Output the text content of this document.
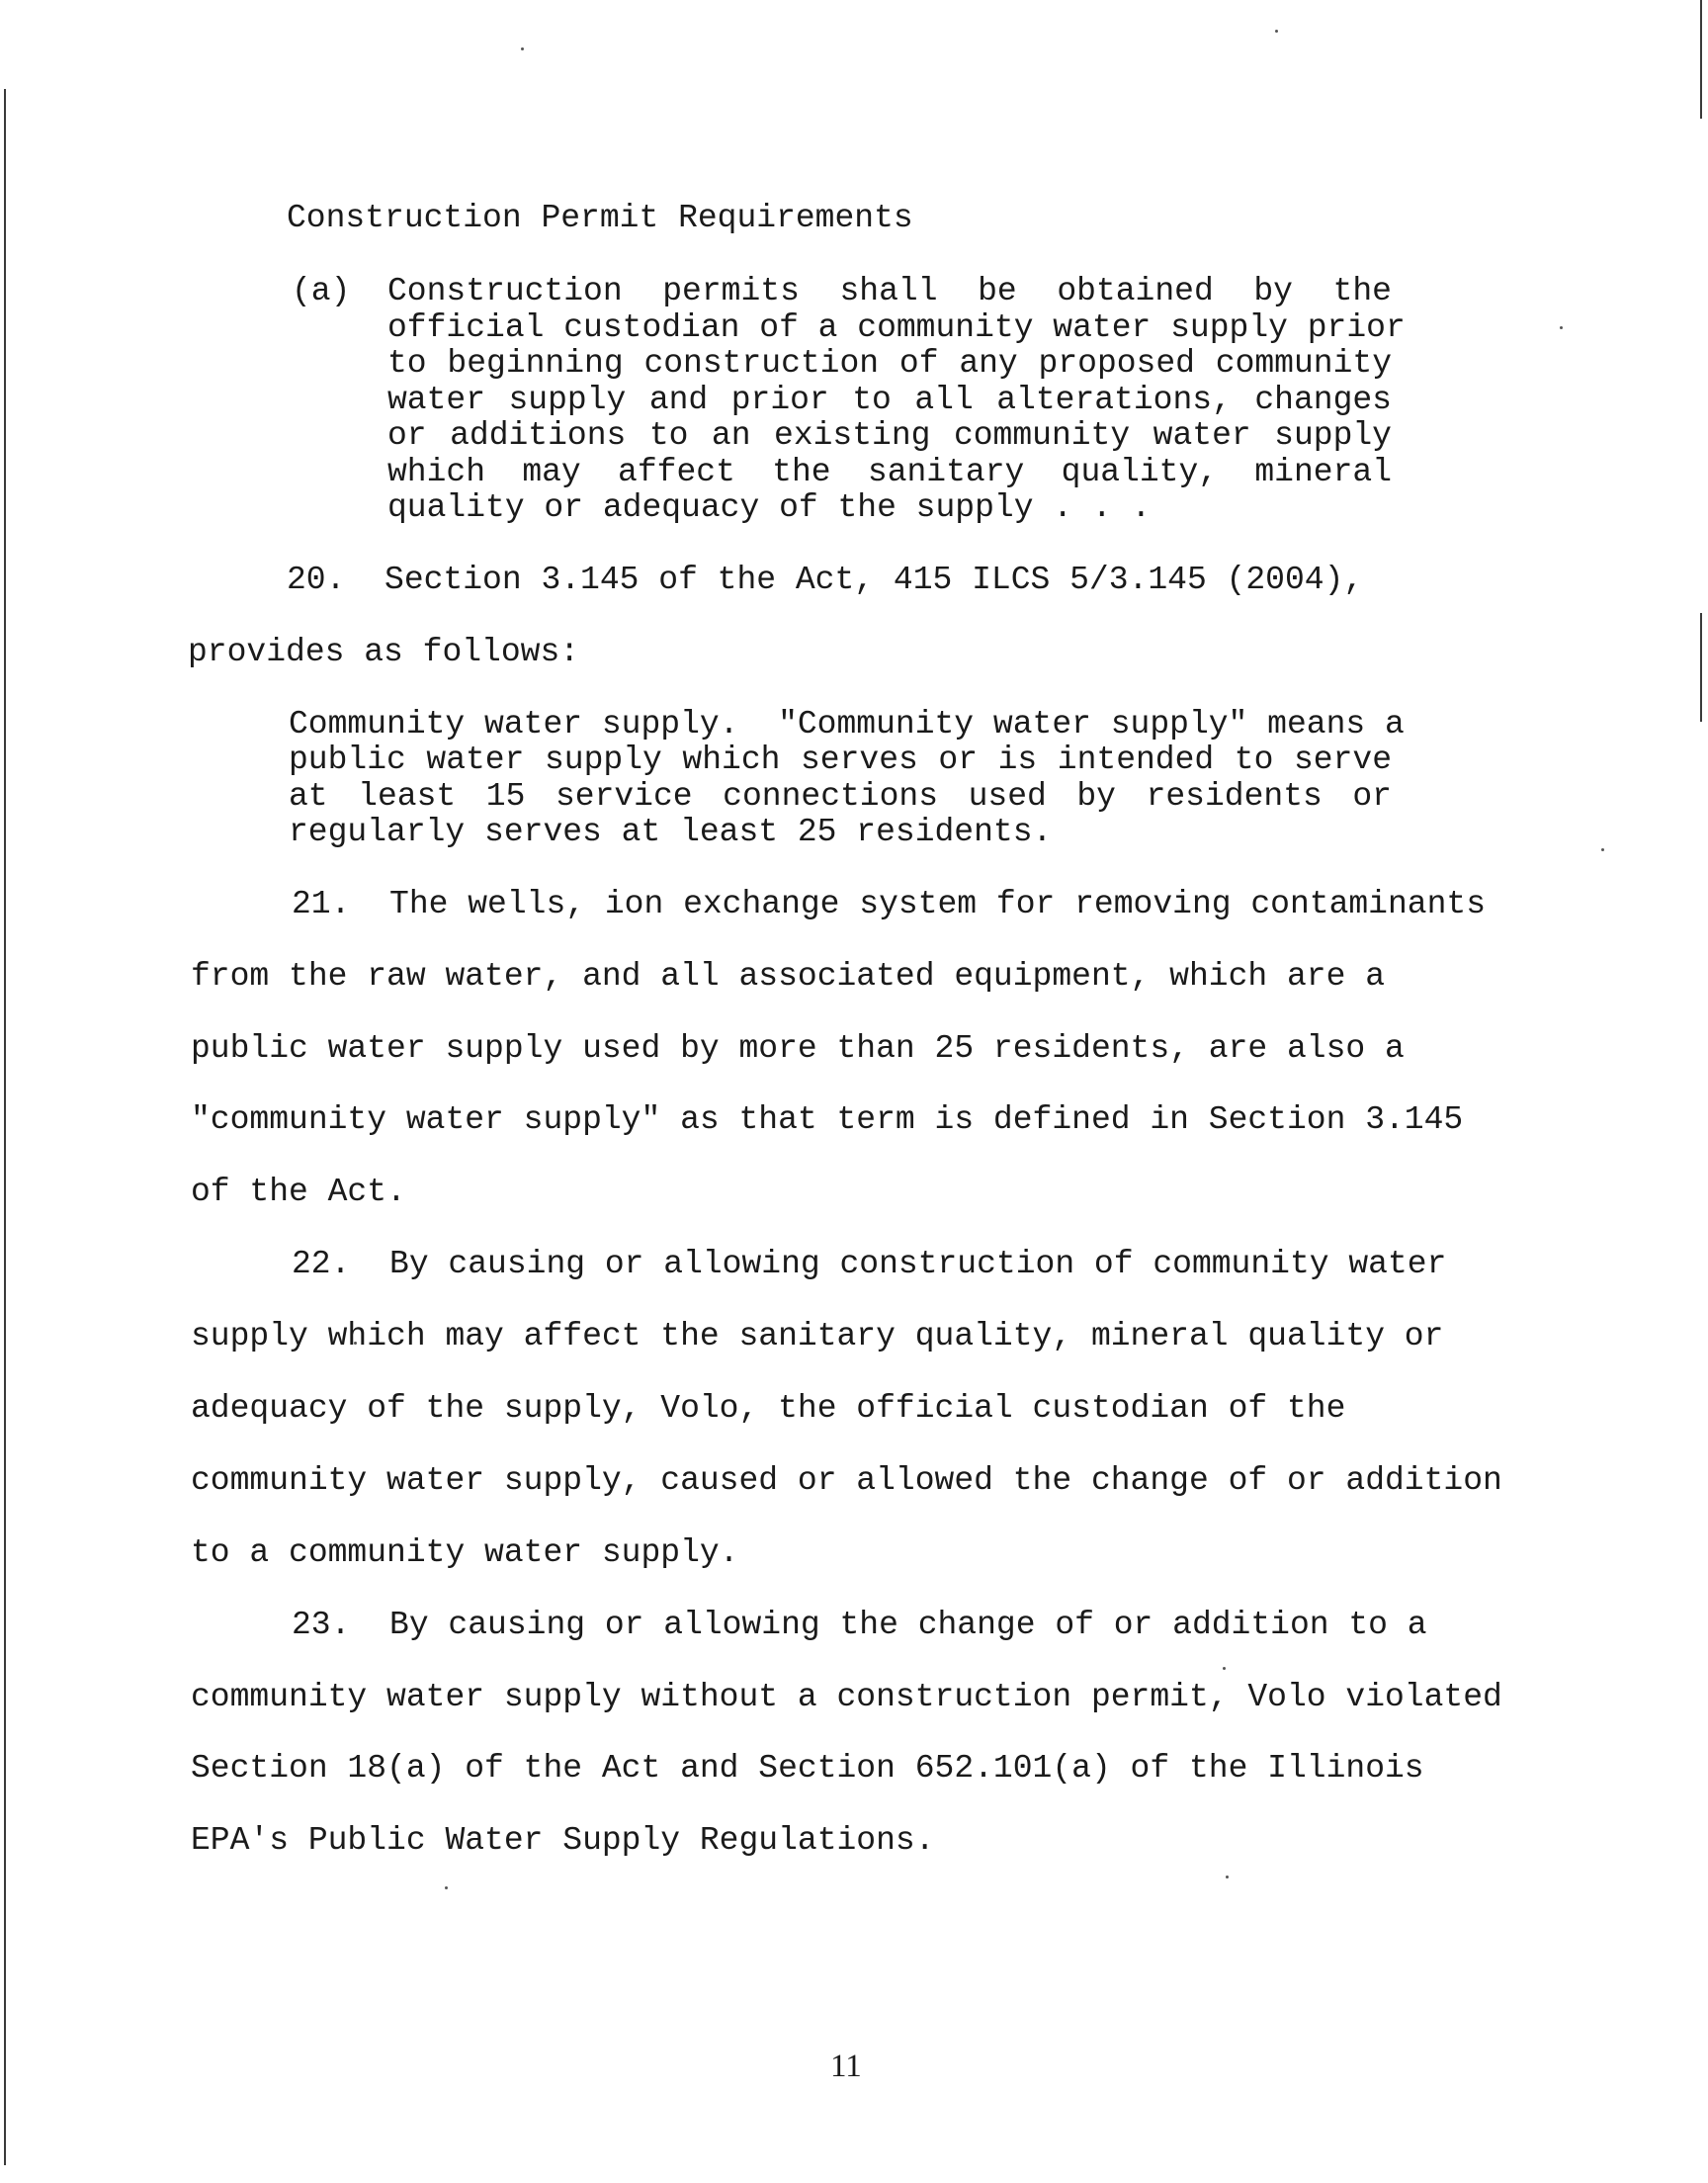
Construction Permit Requirements
(a) Construction permits shall be obtained by the
official custodian of a community water supply prior
to beginning construction of any proposed community
water supply and prior to all alterations, changes
or additions to an existing community water supply
which may affect the sanitary quality, mineral
quality or adequacy of the supply . . .
20.  Section 3.145 of the Act, 415 ILCS 5/3.145 (2004),
provides as follows:
Community water supply.  "Community water supply" means a
public water supply which serves or is intended to serve
at least 15 service connections used by residents or
regularly serves at least 25 residents.
21.  The wells, ion exchange system for removing contaminants
from the raw water, and all associated equipment, which are a
public water supply used by more than 25 residents, are also a
"community water supply" as that term is defined in Section 3.145
of the Act.
22.  By causing or allowing construction of community water
supply which may affect the sanitary quality, mineral quality or
adequacy of the supply, Volo, the official custodian of the
community water supply, caused or allowed the change of or addition
to a community water supply.
23.  By causing or allowing the change of or addition to a
community water supply without a construction permit, Volo violated
Section 18(a) of the Act and Section 652.101(a) of the Illinois
EPA's Public Water Supply Regulations.
11
